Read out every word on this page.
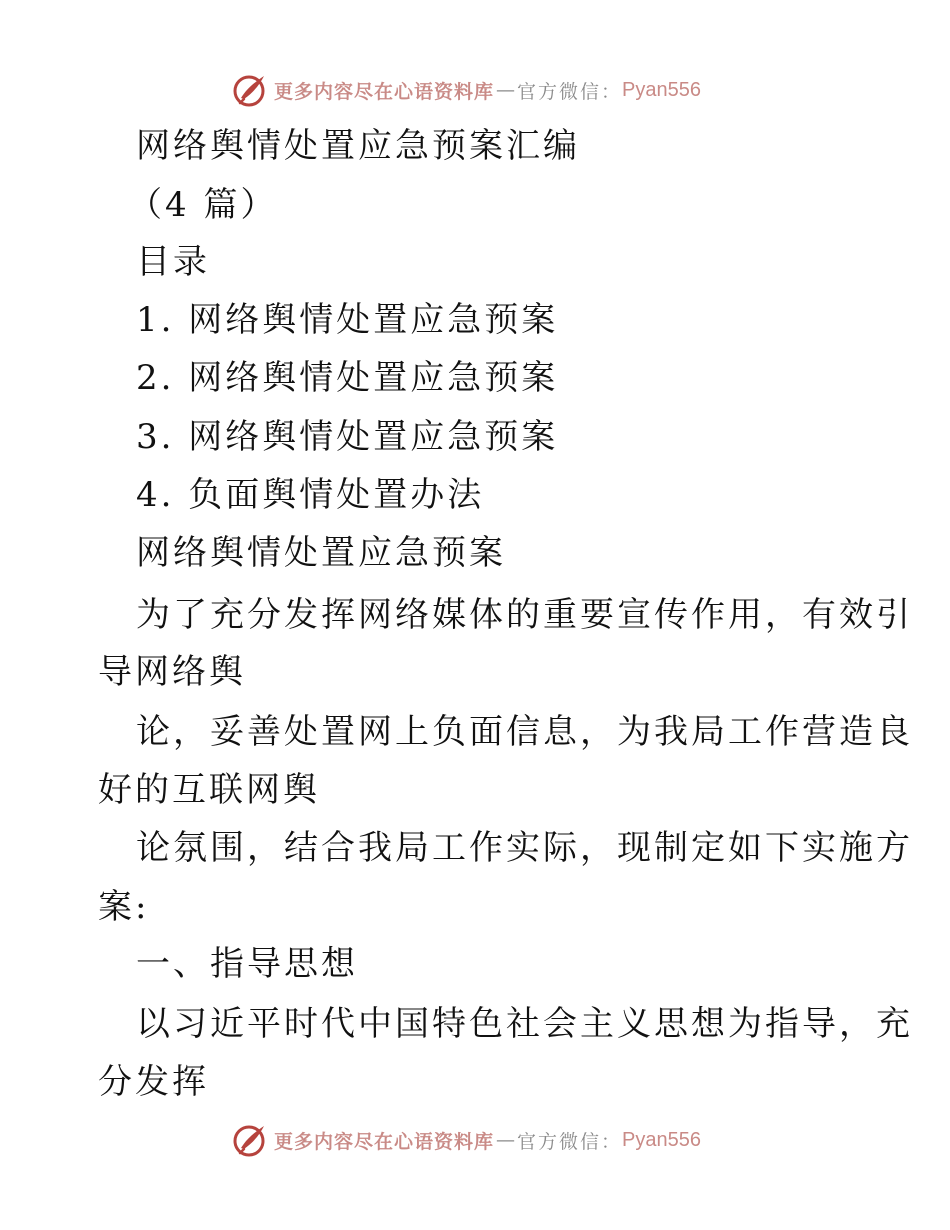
更多内容尽在心语资料库 — 官方微信： Pyan556
网络舆情处置应急预案汇编
（4 篇）
目录
1. 网络舆情处置应急预案
2. 网络舆情处置应急预案
3. 网络舆情处置应急预案
4. 负面舆情处置办法
网络舆情处置应急预案
为了充分发挥网络媒体的重要宣传作用，有效引
导网络舆
论，妥善处置网上负面信息，为我局工作营造良
好的互联网舆
论氛围，结合我局工作实际，现制定如下实施方
案:
一、指导思想
以习近平时代中国特色社会主义思想为指导，充
分发挥
更多内容尽在心语资料库 — 官方微信： Pyan556
